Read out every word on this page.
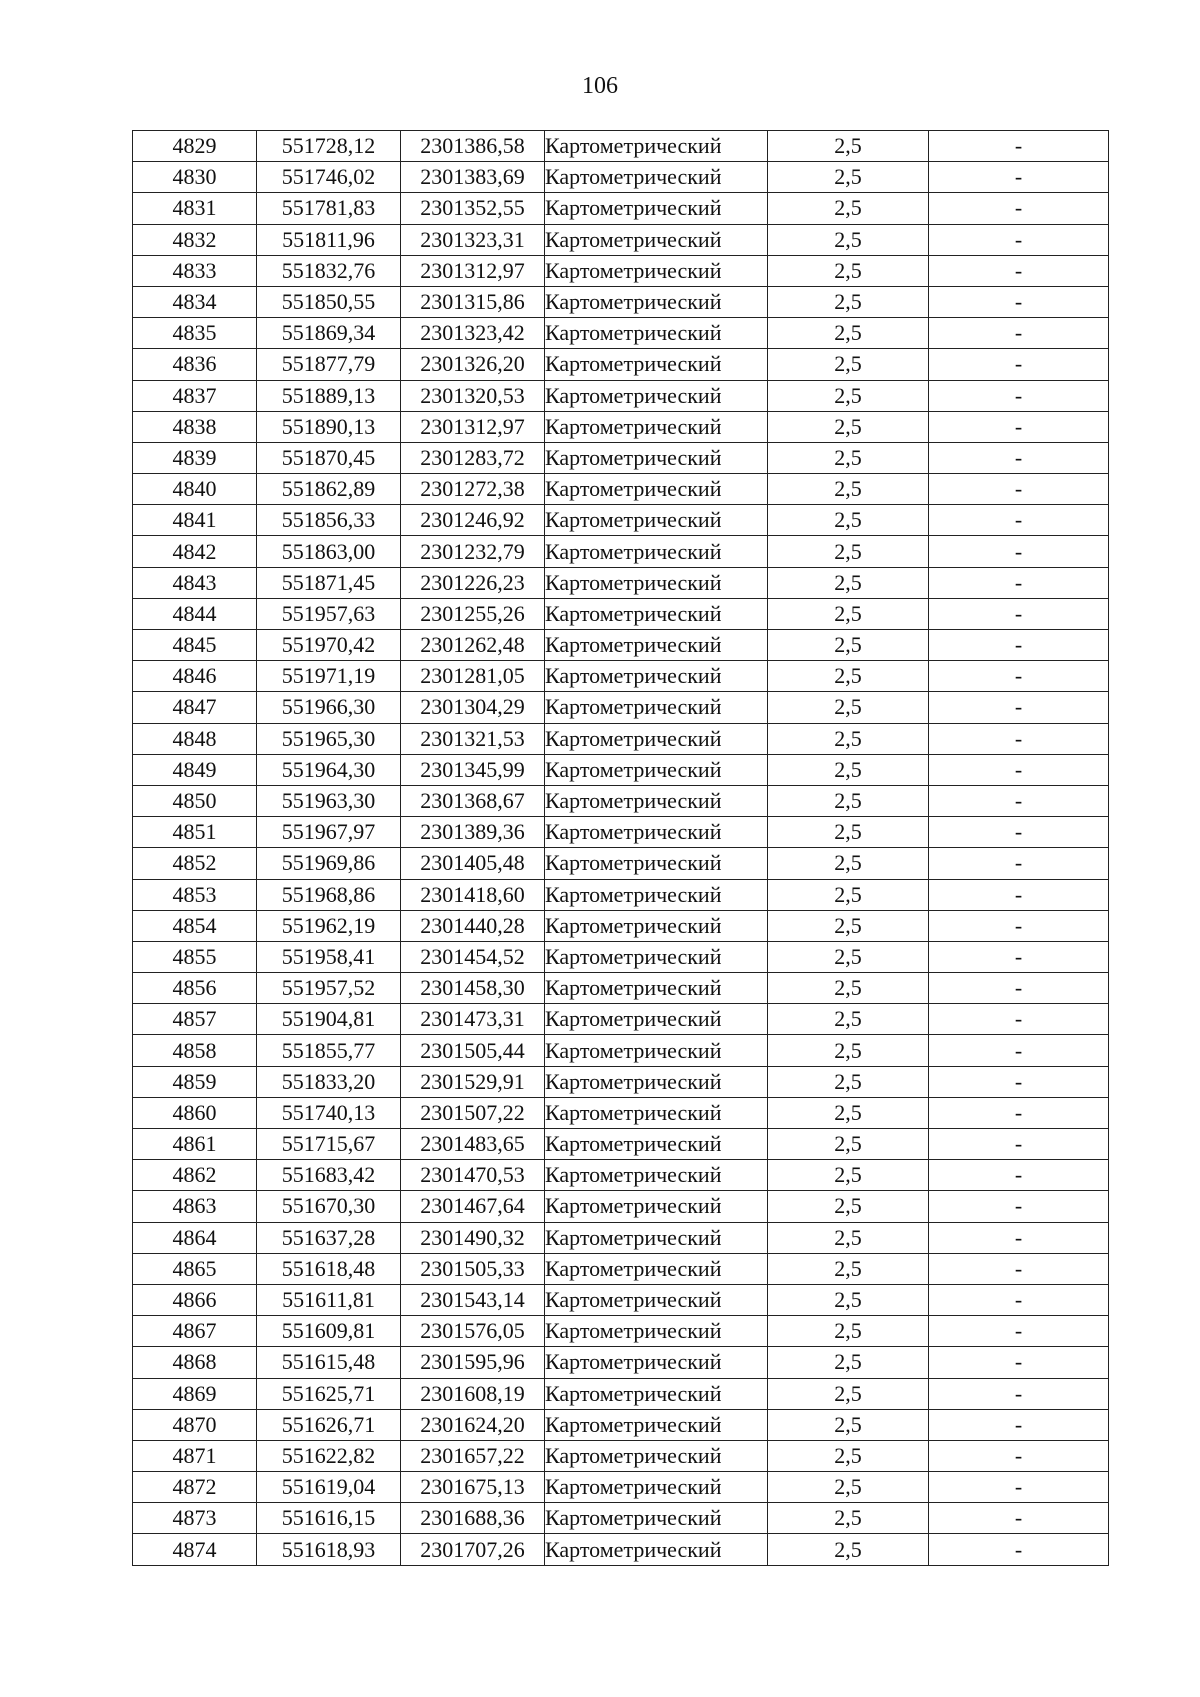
106
4829	551728,12	2301386,58	Картометрический	2,5	-
4830	551746,02	2301383,69	Картометрический	2,5	-
4831	551781,83	2301352,55	Картометрический	2,5	-
4832	551811,96	2301323,31	Картометрический	2,5	-
4833	551832,76	2301312,97	Картометрический	2,5	-
4834	551850,55	2301315,86	Картометрический	2,5	-
4835	551869,34	2301323,42	Картометрический	2,5	-
4836	551877,79	2301326,20	Картометрический	2,5	-
4837	551889,13	2301320,53	Картометрический	2,5	-
4838	551890,13	2301312,97	Картометрический	2,5	-
4839	551870,45	2301283,72	Картометрический	2,5	-
4840	551862,89	2301272,38	Картометрический	2,5	-
4841	551856,33	2301246,92	Картометрический	2,5	-
4842	551863,00	2301232,79	Картометрический	2,5	-
4843	551871,45	2301226,23	Картометрический	2,5	-
4844	551957,63	2301255,26	Картометрический	2,5	-
4845	551970,42	2301262,48	Картометрический	2,5	-
4846	551971,19	2301281,05	Картометрический	2,5	-
4847	551966,30	2301304,29	Картометрический	2,5	-
4848	551965,30	2301321,53	Картометрический	2,5	-
4849	551964,30	2301345,99	Картометрический	2,5	-
4850	551963,30	2301368,67	Картометрический	2,5	-
4851	551967,97	2301389,36	Картометрический	2,5	-
4852	551969,86	2301405,48	Картометрический	2,5	-
4853	551968,86	2301418,60	Картометрический	2,5	-
4854	551962,19	2301440,28	Картометрический	2,5	-
4855	551958,41	2301454,52	Картометрический	2,5	-
4856	551957,52	2301458,30	Картометрический	2,5	-
4857	551904,81	2301473,31	Картометрический	2,5	-
4858	551855,77	2301505,44	Картометрический	2,5	-
4859	551833,20	2301529,91	Картометрический	2,5	-
4860	551740,13	2301507,22	Картометрический	2,5	-
4861	551715,67	2301483,65	Картометрический	2,5	-
4862	551683,42	2301470,53	Картометрический	2,5	-
4863	551670,30	2301467,64	Картометрический	2,5	-
4864	551637,28	2301490,32	Картометрический	2,5	-
4865	551618,48	2301505,33	Картометрический	2,5	-
4866	551611,81	2301543,14	Картометрический	2,5	-
4867	551609,81	2301576,05	Картометрический	2,5	-
4868	551615,48	2301595,96	Картометрический	2,5	-
4869	551625,71	2301608,19	Картометрический	2,5	-
4870	551626,71	2301624,20	Картометрический	2,5	-
4871	551622,82	2301657,22	Картометрический	2,5	-
4872	551619,04	2301675,13	Картометрический	2,5	-
4873	551616,15	2301688,36	Картометрический	2,5	-
4874	551618,93	2301707,26	Картометрический	2,5	-
